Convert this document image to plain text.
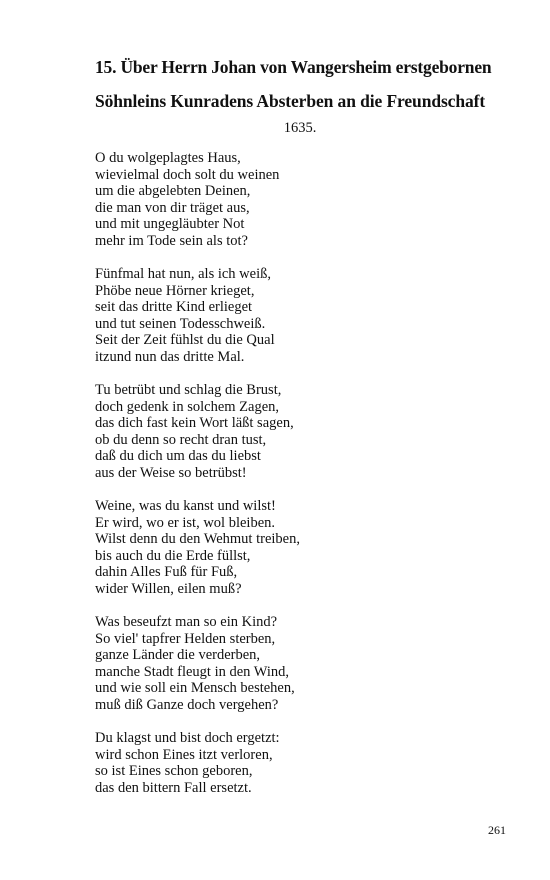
15. Über Herrn Johan von Wangersheim erstgebornen
Söhnleins Kunradens Absterben an die Freundschaft
1635.
O du wolgeplagtes Haus,
wievielmal doch solt du weinen
um die abgelebten Deinen,
die man von dir träget aus,
und mit ungegläubter Not
mehr im Tode sein als tot?
Fünfmal hat nun, als ich weiß,
Phöbe neue Hörner krieget,
seit das dritte Kind erlieget
und tut seinen Todesschweiß.
Seit der Zeit fühlst du die Qual
itzund nun das dritte Mal.
Tu betrübt und schlag die Brust,
doch gedenk in solchem Zagen,
das dich fast kein Wort läßt sagen,
ob du denn so recht dran tust,
daß du dich um das du liebst
aus der Weise so betrübst!
Weine, was du kanst und wilst!
Er wird, wo er ist, wol bleiben.
Wilst denn du den Wehmut treiben,
bis auch du die Erde füllst,
dahin Alles Fuß für Fuß,
wider Willen, eilen muß?
Was beseufzt man so ein Kind?
So viel' tapfrer Helden sterben,
ganze Länder die verderben,
manche Stadt fleugt in den Wind,
und wie soll ein Mensch bestehen,
muß diß Ganze doch vergehen?
Du klagst und bist doch ergetzt:
wird schon Eines itzt verloren,
so ist Eines schon geboren,
das den bittern Fall ersetzt.
261
